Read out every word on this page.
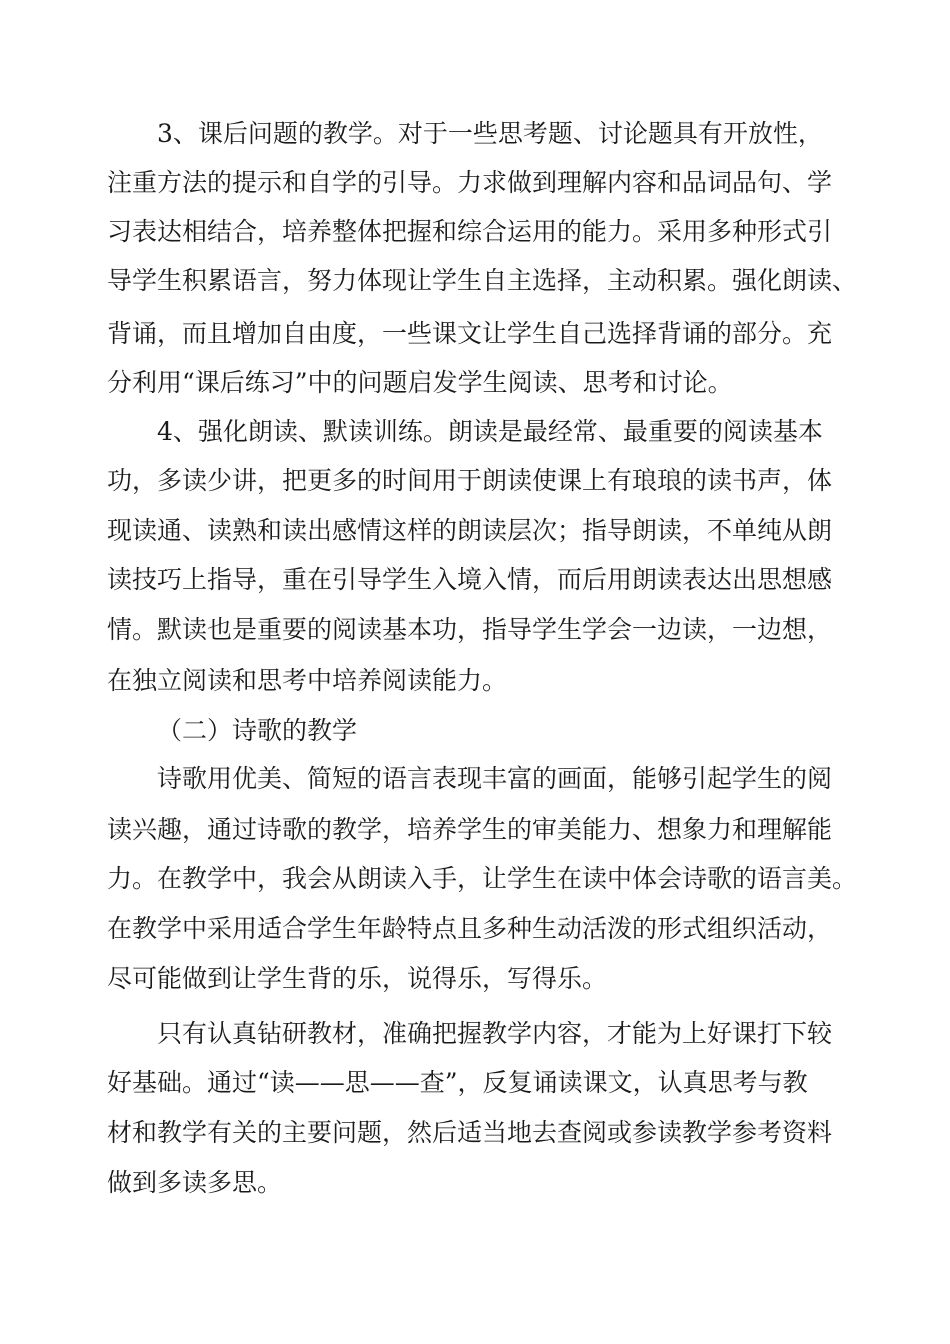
3、课后问题的教学。对于一些思考题、讨论题具有开放性，
注重方法的提示和自学的引导。力求做到理解内容和品词品句、学
习表达相结合，培养整体把握和综合运用的能力。采用多种形式引
导学生积累语言，努力体现让学生自主选择，主动积累。强化朗读、
背诵，而且增加自由度，一些课文让学生自己选择背诵的部分。充
分利用“课后练习”中的问题启发学生阅读、思考和讨论。
4、强化朗读、默读训练。朗读是最经常、最重要的阅读基本
功，多读少讲，把更多的时间用于朗读使课上有琅琅的读书声，体
现读通、读熟和读出感情这样的朗读层次；指导朗读，不单纯从朗
读技巧上指导，重在引导学生入境入情，而后用朗读表达出思想感
情。默读也是重要的阅读基本功，指导学生学会一边读，一边想，
在独立阅读和思考中培养阅读能力。
（二）诗歌的教学
诗歌用优美、简短的语言表现丰富的画面，能够引起学生的阅
读兴趣，通过诗歌的教学，培养学生的审美能力、想象力和理解能
力。在教学中，我会从朗读入手，让学生在读中体会诗歌的语言美。
在教学中采用适合学生年龄特点且多种生动活泼的形式组织活动，
尽可能做到让学生背的乐，说得乐，写得乐。
只有认真钻研教材，准确把握教学内容，才能为上好课打下较
好基础。通过“读——思——查”，反复诵读课文，认真思考与教
材和教学有关的主要问题，然后适当地去查阅或参读教学参考资料
做到多读多思。
